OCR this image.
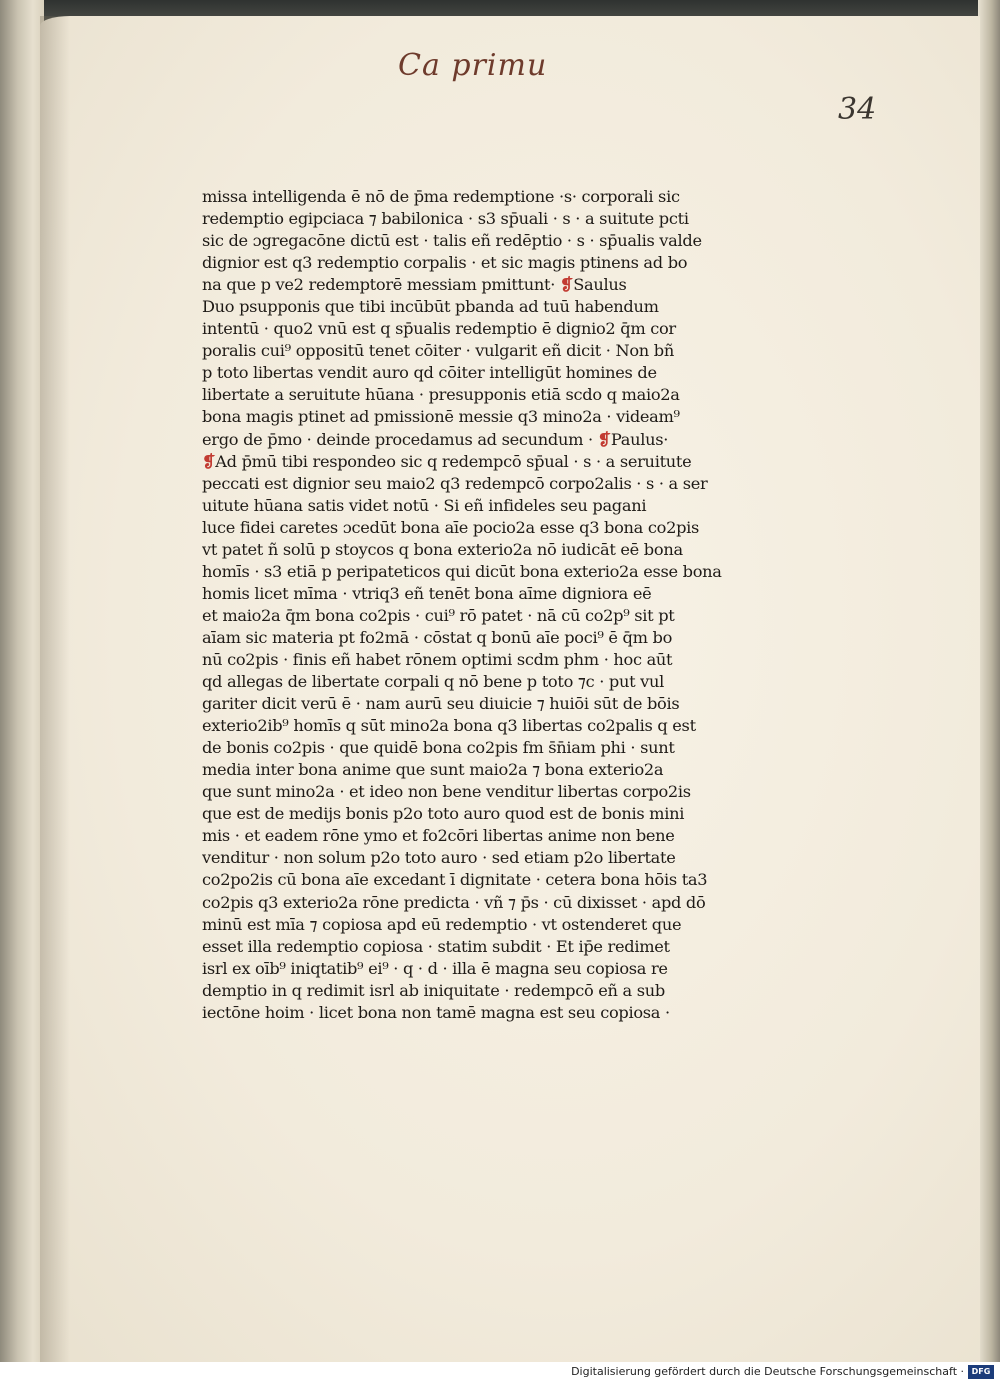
Ca primu
34
missa intelligenda ē nō de p̄ma redemptione ·s· corporali sic
redemptio egipciaca ⁊ babilonica · s3 sp̄uali · s · a suitute pcti
sic de ɔgregacōne dictū est · talis eñ redēptio · s · sp̄ualis valde
dignior est q3 redemptio corpalis · et sic magis ptinens ad bo
na que p ve2 redemptorē messiam pmittunt· ❡Saulus
Duo psupponis que tibi incūbūt pbanda ad tuū habendum
intentū · quo2 vnū est q sp̄ualis redemptio ē dignio2 q̄m cor
poralis cui⁹ oppositū tenet cōiter · vulgarit eñ dicit · Non bñ
p toto libertas vendit auro qd cōiter intelligūt homines de
libertate a seruitute hūana · presupponis etiā scdo q maio2a
bona magis ptinet ad pmissionē messie q3 mino2a · videam⁹
ergo de p̄mo · deinde procedamus ad secundum · ❡Paulus·
❡Ad p̄mū tibi respondeo sic q redempcō sp̄ual · s · a seruitute
peccati est dignior seu maio2 q3 redempcō corpo2alis · s · a ser
uitute hūana satis videt notū · Si eñ infideles seu pagani
luce fidei caretes ɔcedūt bona aīe pocio2a esse q3 bona co2pis
vt patet ñ solū p stoycos q bona exterio2a nō iudicāt eē bona
homīs · s3 etiā p peripateticos qui dicūt bona exterio2a esse bona
homis licet mīma · vtriq3 eñ tenēt bona aīme digniora eē
et maio2a q̄m bona co2pis · cui⁹ rō patet · nā cū co2p⁹ sit pt
aīam sic materia pt fo2mā · cōstat q bonū aīe poci⁹ ē q̄m bo
nū co2pis · finis eñ habet rōnem optimi scdm phm · hoc aūt
qd allegas de libertate corpali q nō bene p toto ⁊c · put vul
gariter dicit verū ē · nam aurū seu diuicie ⁊ huiōi sūt de bōis
exterio2ib⁹ homīs q sūt mino2a bona q3 libertas co2palis q est
de bonis co2pis · que quidē bona co2pis fm s̄n̄iam phi · sunt
media inter bona anime que sunt maio2a ⁊ bona exterio2a
que sunt mino2a · et ideo non bene venditur libertas corpo2is
que est de medijs bonis p2o toto auro quod est de bonis mini
mis · et eadem rōne ymo et fo2cōri libertas anime non bene
venditur · non solum p2o toto auro · sed etiam p2o libertate
co2po2is cū bona aīe excedant ī dignitate · cetera bona hōis ta3
co2pis q3 exterio2a rōne predicta · vñ ⁊ p̄s · cū dixisset · apd dō
minū est mīa ⁊ copiosa apd eū redemptio · vt ostenderet que
esset illa redemptio copiosa · statim subdit · Et ip̄e redimet
isrl ex oīb⁹ iniqtatib⁹ ei⁹ · q · d · illa ē magna seu copiosa re
demptio in q redimit isrl ab iniquitate · redempcō eñ a sub
iectōne hoim · licet bona non tamē magna est seu copiosa ·
Digitalisierung gefördert durch die Deutsche Forschungsgemeinschaft · DFG
